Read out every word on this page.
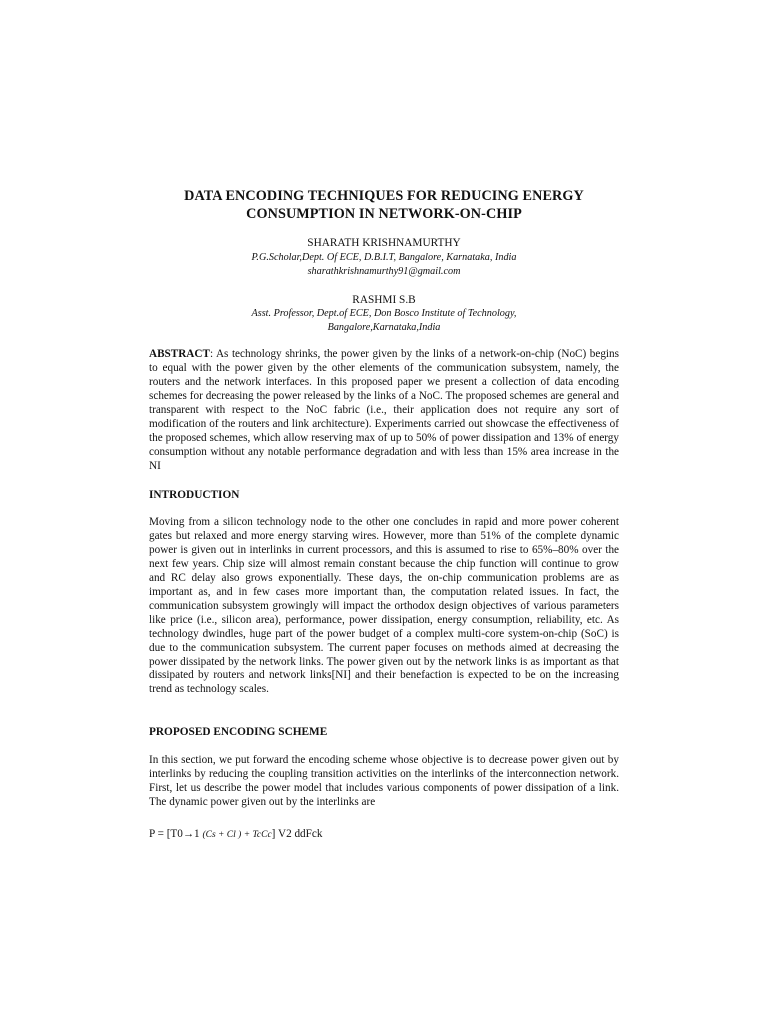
DATA ENCODING TECHNIQUES FOR REDUCING ENERGY
CONSUMPTION IN NETWORK-ON-CHIP

SHARATH KRISHNAMURTHY

P.G.Scholar,Dept. Of ECE, D.B.I.T, Bangalore, Karnataka, India
sharathkrishnamurthy91@gmail.com

RASHMI S.B

Asst. Professor, Dept.of ECE, Don Bosco Institute of Technology,
Bangalore,Karnataka,India

ABSTRACT: As technology shrinks, the power given by the links of a network-on-chip (NoC) begins to equal with the power given by the other elements of the communication subsystem, namely, the routers and the network interfaces. In this proposed paper we present a collection of data encoding schemes for decreasing the power released by the links of a NoC. The proposed schemes are general and transparent with respect to the NoC fabric (i.e., their application does not require any sort of modification of the routers and link architecture). Experiments carried out showcase the effectiveness of the proposed schemes, which allow reserving max of up to 50% of power dissipation and 13% of energy consumption without any notable performance degradation and with less than 15% area increase in the NI

INTRODUCTION

Moving from a silicon technology node to the other one concludes in rapid and more power coherent gates but relaxed and more energy starving wires. However, more than 51% of the complete dynamic power is given out in interlinks in current processors, and this is assumed to rise to 65%–80% over the next few years. Chip size will almost remain constant because the chip function will continue to grow and RC delay also grows exponentially. These days, the on-chip communication problems are as important as, and in few cases more important than, the computation related issues. In fact, the communication subsystem growingly will impact the orthodox design objectives of various parameters like price (i.e., silicon area), performance, power dissipation, energy consumption, reliability, etc. As technology dwindles, huge part of the power budget of a complex multi-core system-on-chip (SoC) is due to the communication subsystem. The current paper focuses on methods aimed at decreasing the power dissipated by the network links. The power given out by the network links is as important as that dissipated by routers and network links[NI] and their benefaction is expected to be on the increasing trend as technology scales.

PROPOSED ENCODING SCHEME

In this section, we put forward the encoding scheme whose objective is to decrease power given out by interlinks by reducing the coupling transition activities on the interlinks of the interconnection network. First, let us describe the power model that includes various components of power dissipation of a link. The dynamic power given out by the interlinks are

P = [T0→1 (Cs + Cl ) + TcCc] V2 ddFck
